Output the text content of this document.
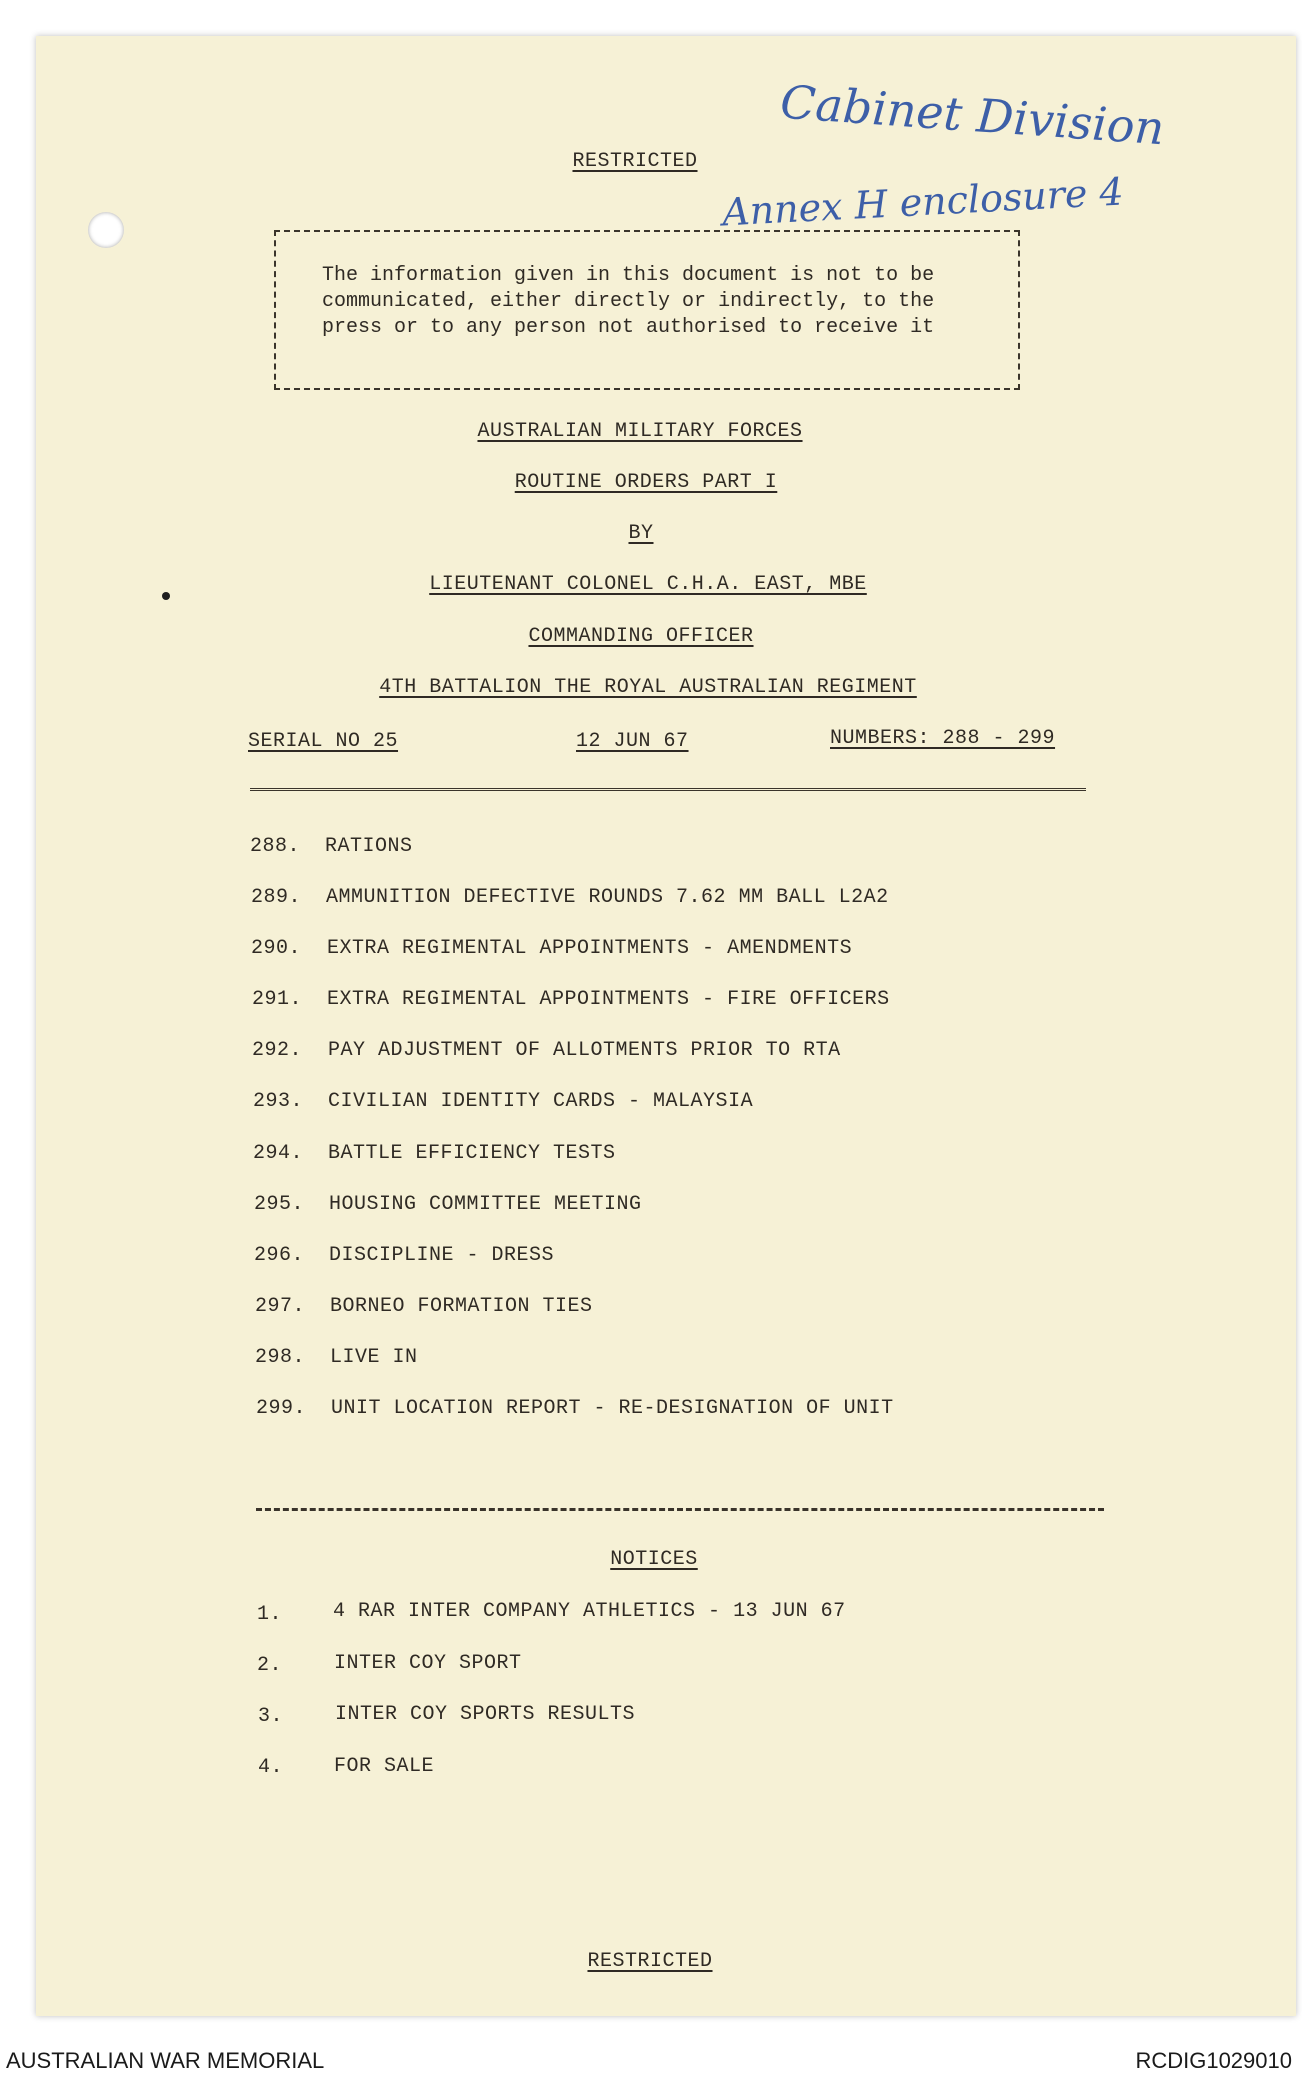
Cabinet Division
Annex H enclosure 4
RESTRICTED
The information given in this document is not to be
communicated, either directly or indirectly, to the
press or to any person not authorised to receive it
AUSTRALIAN MILITARY FORCES
ROUTINE ORDERS PART I
BY
LIEUTENANT COLONEL C.H.A. EAST, MBE
COMMANDING OFFICER
4TH BATTALION THE ROYAL AUSTRALIAN REGIMENT
SERIAL NO 25	12 JUN 67	NUMBERS: 288 - 299
288. RATIONS
289. AMMUNITION DEFECTIVE ROUNDS 7.62 MM BALL L2A2
290. EXTRA REGIMENTAL APPOINTMENTS - AMENDMENTS
291. EXTRA REGIMENTAL APPOINTMENTS - FIRE OFFICERS
292. PAY ADJUSTMENT OF ALLOTMENTS PRIOR TO RTA
293. CIVILIAN IDENTITY CARDS - MALAYSIA
294. BATTLE EFFICIENCY TESTS
295. HOUSING COMMITTEE MEETING
296. DISCIPLINE - DRESS
297. BORNEO FORMATION TIES
298. LIVE IN
299. UNIT LOCATION REPORT - RE-DESIGNATION OF UNIT
NOTICES
1.	4 RAR INTER COMPANY ATHLETICS - 13 JUN 67
2.	INTER COY SPORT
3.	INTER COY SPORTS RESULTS
4.	FOR SALE
RESTRICTED
AUSTRALIAN WAR MEMORIAL	RCDIG1029010
